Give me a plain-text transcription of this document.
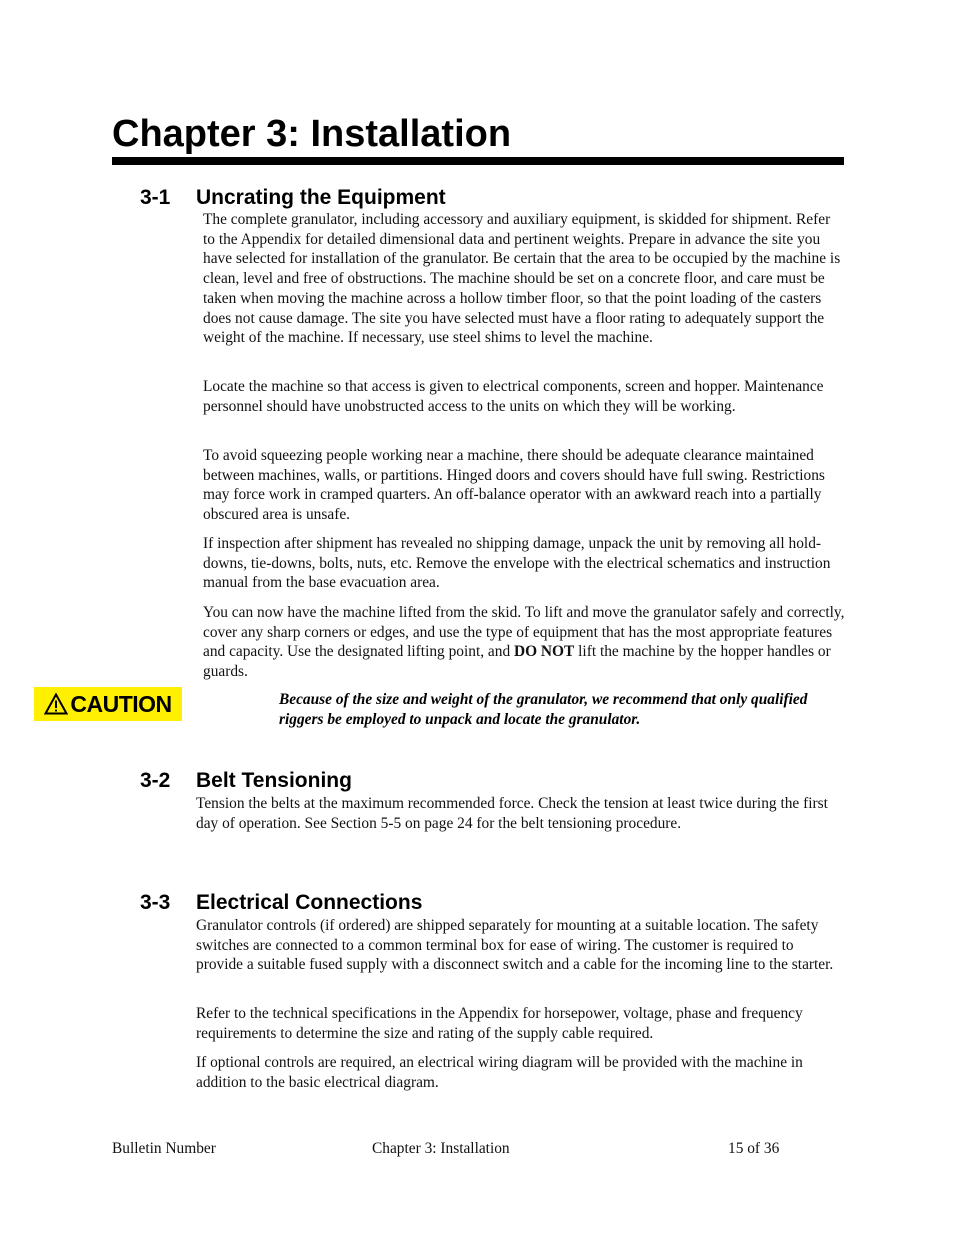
Chapter 3: Installation
3-1 Uncrating the Equipment

The complete granulator, including accessory and auxiliary equipment, is skidded for shipment. Refer to the Appendix for detailed dimensional data and pertinent weights. Prepare in advance the site you have selected for installation of the granulator. Be certain that the area to be occupied by the machine is clean, level and free of obstructions. The machine should be set on a concrete floor, and care must be taken when moving the machine across a hollow timber floor, so that the point loading of the casters does not cause damage. The site you have selected must have a floor rating to adequately support the weight of the machine. If necessary, use steel shims to level the machine.

Locate the machine so that access is given to electrical components, screen and hopper. Maintenance personnel should have unobstructed access to the units on which they will be working.

To avoid squeezing people working near a machine, there should be adequate clearance maintained between machines, walls, or partitions. Hinged doors and covers should have full swing. Restrictions may force work in cramped quarters. An off-balance operator with an awkward reach into a partially obscured area is unsafe.

If inspection after shipment has revealed no shipping damage, unpack the unit by removing all hold-downs, tie-downs, bolts, nuts, etc. Remove the envelope with the electrical schematics and instruction manual from the base evacuation area.

You can now have the machine lifted from the skid. To lift and move the granulator safely and correctly, cover any sharp corners or edges, and use the type of equipment that has the most appropriate features and capacity. Use the designated lifting point, and DO NOT lift the machine by the hopper handles or guards.

CAUTION	Because of the size and weight of the granulator, we recommend that only qualified riggers be employed to unpack and locate the granulator.

3-2 Belt Tensioning

Tension the belts at the maximum recommended force. Check the tension at least twice during the first day of operation. See Section 5-5 on page 24 for the belt tensioning procedure.

3-3 Electrical Connections

Granulator controls (if ordered) are shipped separately for mounting at a suitable location. The safety switches are connected to a common terminal box for ease of wiring. The customer is required to provide a suitable fused supply with a disconnect switch and a cable for the incoming line to the starter.

Refer to the technical specifications in the Appendix for horsepower, voltage, phase and frequency requirements to determine the size and rating of the supply cable required.

If optional controls are required, an electrical wiring diagram will be provided with the machine in addition to the basic electrical diagram.

Bulletin Number	Chapter 3: Installation	15 of 36
